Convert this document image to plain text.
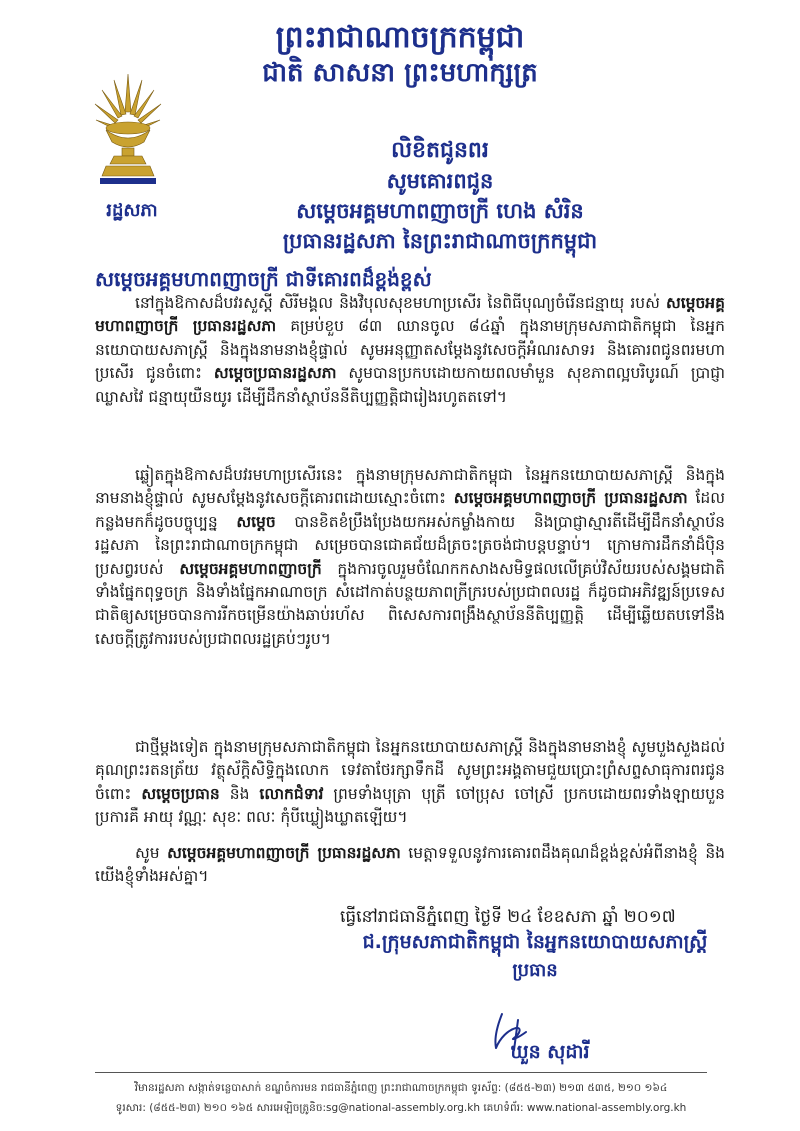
ព្រះរាជាណាចក្រកម្ពុជា
ជាតិ សាសនា ព្រះមហាក្សត្រ
រដ្ឋសភា
លិខិតជូនពរ
សូមគោរពជូន
សម្តេចអគ្គមហាពញាចក្រី ហេង សំរិន
ប្រធានរដ្ឋសភា នៃព្រះរាជាណាចក្រកម្ពុជា
សម្តេចអគ្គមហាពញាចក្រី ជាទីគោរពដ៏ខ្ពង់ខ្ពស់
នៅក្នុងឱកាសដ៏បវរសួស្តី សិរីមង្គល និងវិបុលសុខមហាប្រសើរ នៃពិធីបុណ្យចំរើនជន្មាយុ របស់ សម្តេចអគ្គមហាពញាចក្រី ប្រធានរដ្ឋសភា គម្រប់ខួប ៨៣ ឈានចូល ៨៤ឆ្នាំ ក្នុងនាមក្រុមសភាជាតិកម្ពុជា នៃអ្នកនយោបាយសភាស្ត្រី និងក្នុងនាមនាងខ្ញុំផ្ទាល់ សូមអនុញ្ញាតសម្តែងនូវសេចក្តីអំណរសាទរ និងគោរពជូនពរមហាប្រសើរ ជូនចំពោះ សម្តេចប្រធានរដ្ឋសភា សូមបានប្រកបដោយកាយពលមាំមួន សុខភាពល្អបរិបូរណ៍ ប្រាជ្ញាឈ្លាសវៃ ជន្មាយុយឺនយូរ ដើម្បីដឹកនាំស្ថាប័ននីតិប្បញ្ញត្តិជារៀងរហូតតទៅ។
ឆ្លៀតក្នុងឱកាសដ៏បវរមហាប្រសើរនេះ ក្នុងនាមក្រុមសភាជាតិកម្ពុជា នៃអ្នកនយោបាយសភាស្ត្រី និងក្នុងនាមនាងខ្ញុំផ្ទាល់ សូមសម្តែងនូវសេចក្តីគោរពដោយស្មោះចំពោះ សម្តេចអគ្គមហាពញាចក្រី ប្រធានរដ្ឋសភា ដែលកន្លងមកក៏ដូចបច្ចុប្បន្ន សម្តេច បានខិតខំប្រឹងប្រែងយកអស់កម្លាំងកាយ និងប្រាជ្ញាស្មារតីដើម្បីដឹកនាំស្ថាប័នរដ្ឋសភា នៃព្រះរាជាណាចក្រកម្ពុជា សម្រេចបានជោគជ័យដ៏ត្រចះត្រចង់ជាបន្តបន្ទាប់។ ក្រោមការដឹកនាំដ៏ប៉ិនប្រសព្វរបស់ សម្តេចអគ្គមហាពញាចក្រី ក្នុងការចូលរួមចំណែកកសាងសមិទ្ធផលលើគ្រប់វិស័យរបស់សង្គមជាតិ ទាំងផ្នែកពុទ្ធចក្រ និងទាំងផ្នែកអាណាចក្រ សំដៅកាត់បន្ថយភាពក្រីក្ររបស់ប្រជាពលរដ្ឋ ក៏ដូចជាអភិវឌ្ឍន៍ប្រទេសជាតិឲ្យសម្រេចបានការរីកចម្រើនយ៉ាងឆាប់រហ័ស ពិសេសការពង្រឹងស្ថាប័ននីតិប្បញ្ញត្តិ ដើម្បីឆ្លើយតបទៅនឹងសេចក្តីត្រូវការរបស់ប្រជាពលរដ្ឋគ្រប់ៗរូប។
ជាថ្មីម្តងទៀត ក្នុងនាមក្រុមសភាជាតិកម្ពុជា នៃអ្នកនយោបាយសភាស្ត្រី និងក្នុងនាមនាងខ្ញុំ សូមបួងសួងដល់គុណព្រះរតនត្រ័យ វត្ថុស័ក្តិសិទ្ធិក្នុងលោក ទេវតាថែរក្សាទឹកដី សូមព្រះអង្គតាមជួយប្រោះព្រំសព្ទសាធុការពរជូនចំពោះ សម្តេចប្រធាន និង លោកជំទាវ ព្រមទាំងបុត្រា បុត្រី ចៅប្រុស ចៅស្រី ប្រកបដោយពរទាំងឡាយបួនប្រការគឺ អាយុ វណ្ណៈ សុខៈ ពលៈ កុំបីឃ្លៀងឃ្លាតឡើយ។
សូម សម្តេចអគ្គមហាពញាចក្រី ប្រធានរដ្ឋសភា មេត្តាទទួលនូវការគោរពដឹងគុណដ៏ខ្ពង់ខ្ពស់អំពីនាងខ្ញុំ និងយើងខ្ញុំទាំងអស់គ្នា។
ធ្វើនៅរាជធានីភ្នំពេញ ថ្ងៃទី ២៤ ខែឧសភា ឆ្នាំ ២០១៧
ជ.ក្រុមសភាជាតិកម្ពុជា នៃអ្នកនយោបាយសភាស្ត្រី
ប្រធាន
ឃួន សុដារី
វិមានរដ្ឋសភា សង្កាត់ទន្លេបាសាក់ ខណ្ឌចំការមន រាជធានីភ្នំពេញ ព្រះរាជាណាចក្រកម្ពុជា ទូរស័ព្ទ: (៨៥៥-២៣) ២១៣ ៥៣៥, ២១០ ១៦៤
ទូរសារ: (៨៥៥-២៣) ២១០ ១៦៥ សារអេឡិចត្រូនិច:sg@national-assembly.org.kh គេហទំព័រ: www.national-assembly.org.kh
